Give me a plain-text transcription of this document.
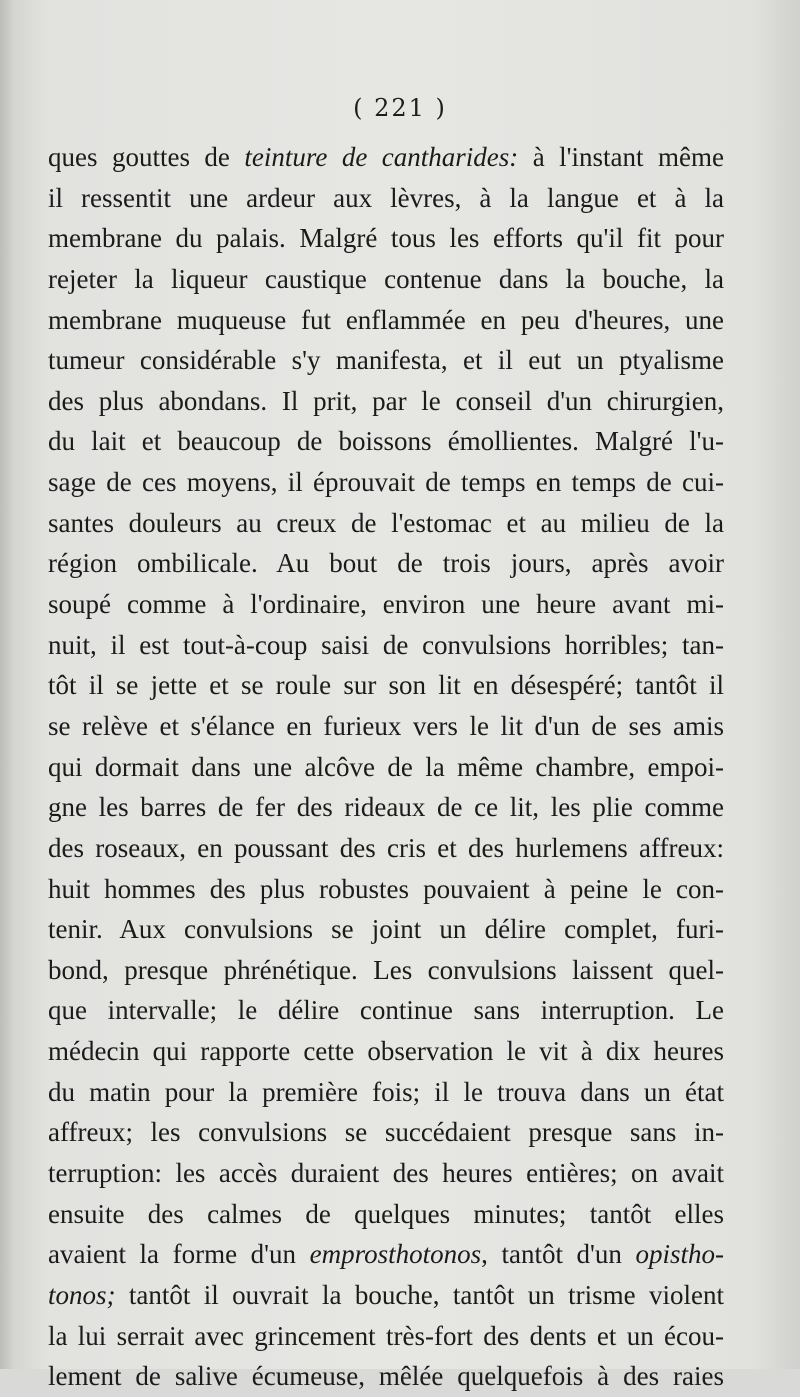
( 221 )
ques gouttes de teinture de cantharides: à l'instant même
il ressentit une ardeur aux lèvres, à la langue et à la
membrane du palais. Malgré tous les efforts qu'il fit pour
rejeter la liqueur caustique contenue dans la bouche, la
membrane muqueuse fut enflammée en peu d'heures, une
tumeur considérable s'y manifesta, et il eut un ptyalisme
des plus abondans. Il prit, par le conseil d'un chirurgien,
du lait et beaucoup de boissons émollientes. Malgré l'u-
sage de ces moyens, il éprouvait de temps en temps de cui-
santes douleurs au creux de l'estomac et au milieu de la
région ombilicale. Au bout de trois jours, après avoir
soupé comme à l'ordinaire, environ une heure avant mi-
nuit, il est tout-à-coup saisi de convulsions horribles; tan-
tôt il se jette et se roule sur son lit en désespéré; tantôt il
se relève et s'élance en furieux vers le lit d'un de ses amis
qui dormait dans une alcôve de la même chambre, empoi-
gne les barres de fer des rideaux de ce lit, les plie comme
des roseaux, en poussant des cris et des hurlemens affreux:
huit hommes des plus robustes pouvaient à peine le con-
tenir. Aux convulsions se joint un délire complet, furi-
bond, presque phrénétique. Les convulsions laissent quel-
que intervalle; le délire continue sans interruption. Le
médecin qui rapporte cette observation le vit à dix heures
du matin pour la première fois; il le trouva dans un état
affreux; les convulsions se succédaient presque sans in-
terruption: les accès duraient des heures entières; on avait
ensuite des calmes de quelques minutes; tantôt elles
avaient la forme d'un emprosthotonos, tantôt d'un opistho-
tonos; tantôt il ouvrait la bouche, tantôt un trisme violent
la lui serrait avec grincement très-fort des dents et un écou-
lement de salive écumeuse, mêlée quelquefois à des raies
